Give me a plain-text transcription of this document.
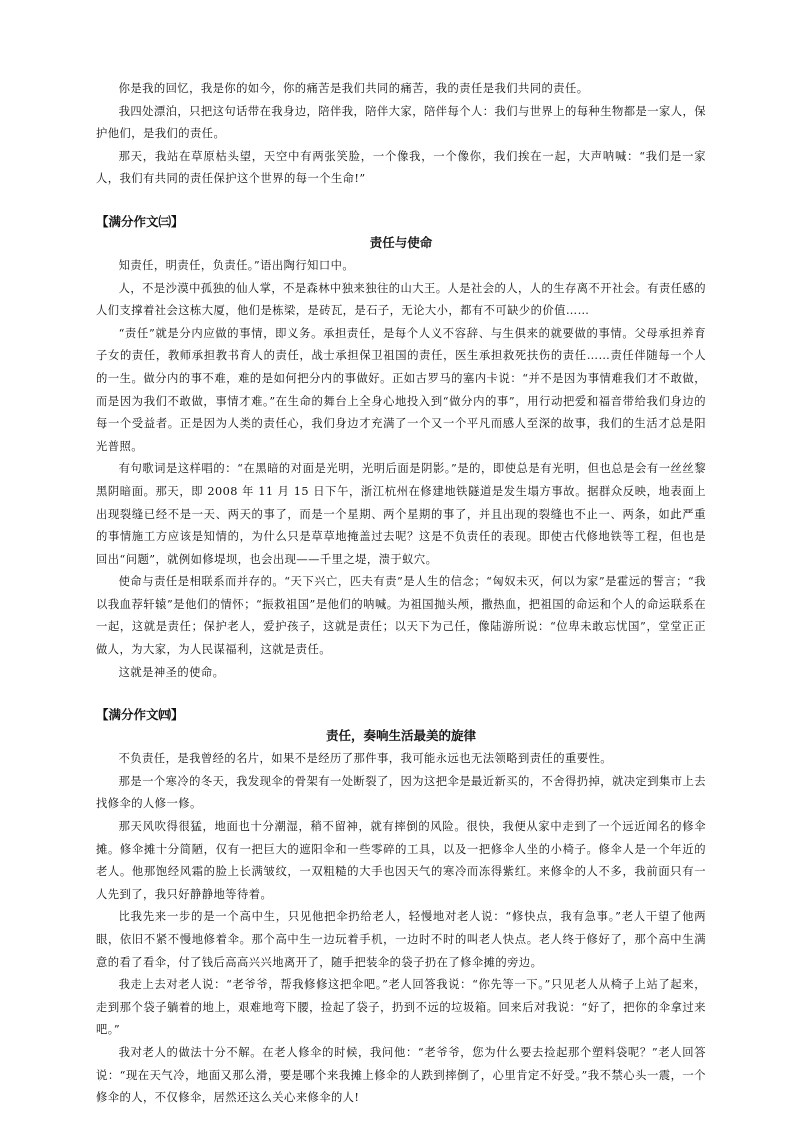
你是我的回忆，我是你的如今，你的痛苦是我们共同的痛苦，我的责任是我们共同的责任。

我四处漂泊，只把这句话带在我身边，陪伴我，陪伴大家，陪伴每个人：我们与世界上的每种生物都是一家人，保护他们，是我们的责任。

那天，我站在草原枯头望，天空中有两张笑脸，一个像我，一个像你，我们挨在一起，大声呐喊：“我们是一家人，我们有共同的责任保护这个世界的每一个生命!”

【满分作文㈢】
责任与使命

知责任，明责任，负责任。”语出陶行知口中。

人，不是沙漠中孤独的仙人掌，不是森林中独来独往的山大王。人是社会的人，人的生存离不开社会。有责任感的人们支撑着社会这栋大厦，他们是栋梁，是砖瓦，是石子，无论大小，都有不可缺少的价值……

“责任”就是分内应做的事情，即义务。承担责任，是每个人义不容辞、与生俱来的就要做的事情。父母承担养育子女的责任，教师承担教书育人的责任，战士承担保卫祖国的责任，医生承担救死扶伤的责任……责任伴随每一个人的一生。做分内的事不难，难的是如何把分内的事做好。正如古罗马的塞内卡说：“并不是因为事情难我们才不敢做，而是因为我们不敢做，事情才难。”在生命的舞台上全身心地投入到“做分内的事”，用行动把爱和福音带给我们身边的每一个受益者。正是因为人类的责任心，我们身边才充满了一个又一个平凡而感人至深的故事，我们的生活才总是阳光普照。

有句歌词是这样唱的：“在黑暗的对面是光明，光明后面是阴影。”是的，即使总是有光明，但也总是会有一丝丝黎黑阴暗面。那天，即 2008 年 11 月 15 日下午，浙江杭州在修建地铁隧道是发生塌方事故。据群众反映，地表面上出现裂缝已经不是一天、两天的事了，而是一个星期、两个星期的事了，并且出现的裂缝也不止一、两条，如此严重的事情施工方应该是知情的，为什么只是草草地掩盖过去呢？这是不负责任的表现。即使古代修地铁等工程，但也是回出“问题”，就例如修堤坝，也会出现——千里之堤，溃于蚁穴。

使命与责任是相联系而并存的。“天下兴亡，匹夫有责”是人生的信念；“匈奴未灭，何以为家”是霍远的誓言；“我以我血荐轩辕”是他们的情怀；“振救祖国”是他们的呐喊。为祖国抛头颅，撒热血，把祖国的命运和个人的命运联系在一起，这就是责任；保护老人，爱护孩子，这就是责任；以天下为己任，像陆游所说：“位卑未敢忘忧国”，堂堂正正做人，为大家，为人民谋福利，这就是责任。

这就是神圣的使命。

【满分作文㈣】
责任，奏响生活最美的旋律

不负责任，是我曾经的名片，如果不是经历了那件事，我可能永远也无法领略到责任的重要性。

那是一个寒冷的冬天，我发现伞的骨架有一处断裂了，因为这把伞是最近新买的，不舍得扔掉，就决定到集市上去找修伞的人修一修。

那天风吹得很猛，地面也十分潮湿，稍不留神，就有摔倒的风险。很快，我便从家中走到了一个远近闻名的修伞摊。修伞摊十分简陋，仅有一把巨大的遮阳伞和一些零碎的工具，以及一把修伞人坐的小椅子。修伞人是一个年近的老人。他那饱经风霜的脸上长满皱纹，一双粗糙的大手也因天气的寒冷而冻得紫红。来修伞的人不多，我前面只有一人先到了，我只好静静地等待着。

比我先来一步的是一个高中生，只见他把伞扔给老人，轻慢地对老人说：“修快点，我有急事。”老人干望了他两眼，依旧不紧不慢地修着伞。那个高中生一边玩着手机，一边时不时的叫老人快点。老人终于修好了，那个高中生满意的看了看伞，付了钱后高高兴兴地离开了，随手把装伞的袋子扔在了修伞摊的旁边。

我走上去对老人说：“老爷爷，帮我修修这把伞吧。”老人回答我说：“你先等一下。”只见老人从椅子上站了起来，走到那个袋子躺着的地上，艰难地弯下腰，捡起了袋子，扔到不远的垃圾箱。回来后对我说：“好了，把你的伞拿过来吧。”

我对老人的做法十分不解。在老人修伞的时候，我问他：“老爷爷，您为什么要去捡起那个塑料袋呢？”老人回答说：“现在天气冷，地面又那么滑，要是哪个来我摊上修伞的人跌到摔倒了，心里肯定不好受。”我不禁心头一震，一个修伞的人，不仅修伞，居然还这么关心来修伞的人!
